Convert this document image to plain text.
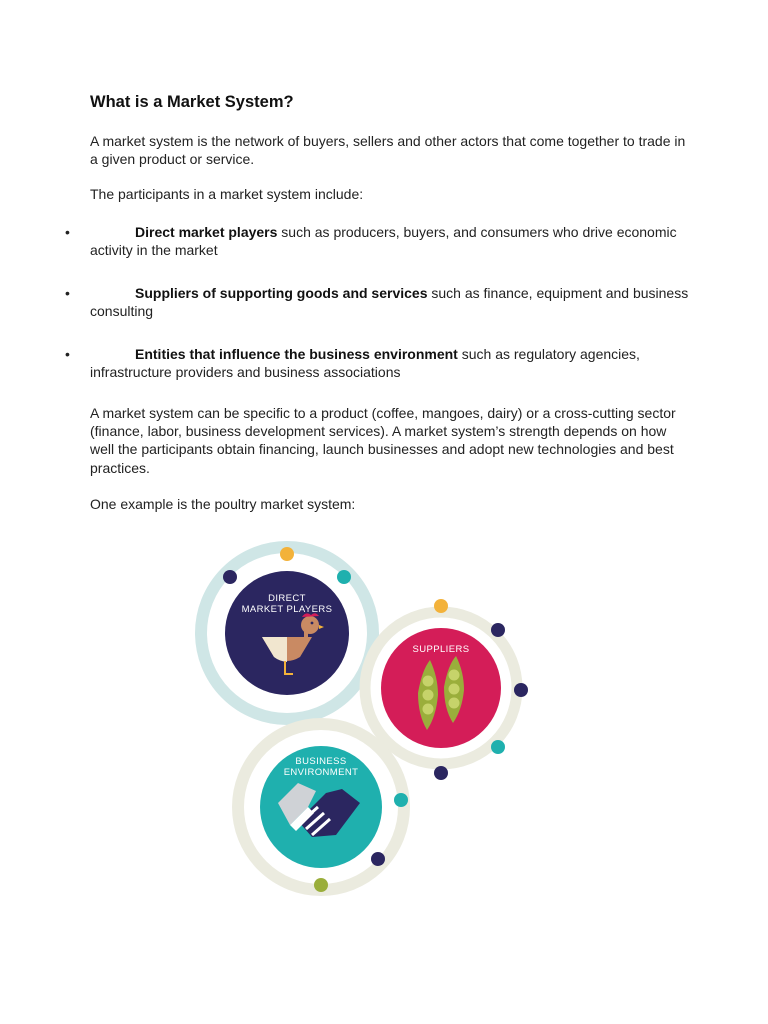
What is a Market System?

A market system is the network of buyers, sellers and other actors that come together to trade in a given product or service.

The participants in a market system include:

•	Direct market players such as producers, buyers, and consumers who drive economic activity in the market
•	Suppliers of supporting goods and services such as finance, equipment and business consulting
•	Entities that influence the business environment such as regulatory agencies, infrastructure providers and business associations

A market system can be specific to a product (coffee, mangoes, dairy) or a cross-cutting sector (finance, labor, business development services). A market system’s strength depends on how well the participants obtain financing, launch businesses and adopt new technologies and best practices.

One example is the poultry market system:

DIRECT
MARKET PLAYERS
SUPPLIERS
BUSINESS
ENVIRONMENT
